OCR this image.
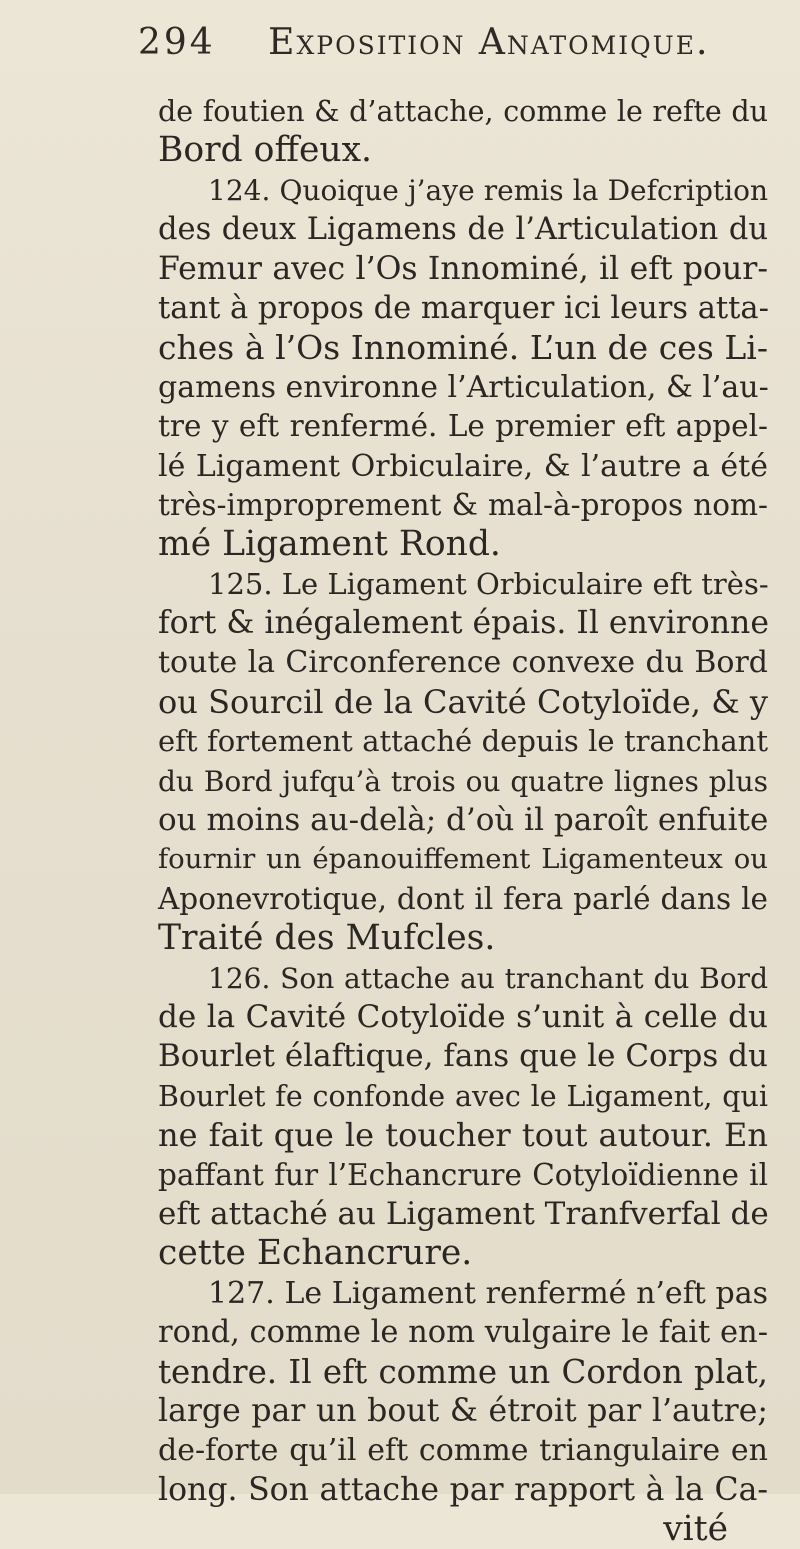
294 Exposition Anatomique.
de foutien & d’attache, comme le refte du
Bord offeux.
124. Quoique j’aye remis la Defcription
des deux Ligamens de l’Articulation du
Femur avec l’Os Innominé, il eft pour-
tant à propos de marquer ici leurs atta-
ches à l’Os Innominé. L’un de ces Li-
gamens environne l’Articulation, & l’au-
tre y eft renfermé. Le premier eft appel-
lé Ligament Orbiculaire, & l’autre a été
très-improprement & mal-à-propos nom-
mé Ligament Rond.
125. Le Ligament Orbiculaire eft très-
fort & inégalement épais. Il environne
toute la Circonference convexe du Bord
ou Sourcil de la Cavité Cotyloïde, & y
eft fortement attaché depuis le tranchant
du Bord jufqu’à trois ou quatre lignes plus
ou moins au-delà; d’où il paroît enfuite
fournir un épanouiffement Ligamenteux ou
Aponevrotique, dont il fera parlé dans le
Traité des Mufcles.
126. Son attache au tranchant du Bord
de la Cavité Cotyloïde s’unit à celle du
Bourlet élaftique, fans que le Corps du
Bourlet fe confonde avec le Ligament, qui
ne fait que le toucher tout autour. En
paffant fur l’Echancrure Cotyloïdienne il
eft attaché au Ligament Tranfverfal de
cette Echancrure.
127. Le Ligament renfermé n’eft pas
rond, comme le nom vulgaire le fait en-
tendre. Il eft comme un Cordon plat,
large par un bout & étroit par l’autre;
de-forte qu’il eft comme triangulaire en
long. Son attache par rapport à la Ca-
vité
